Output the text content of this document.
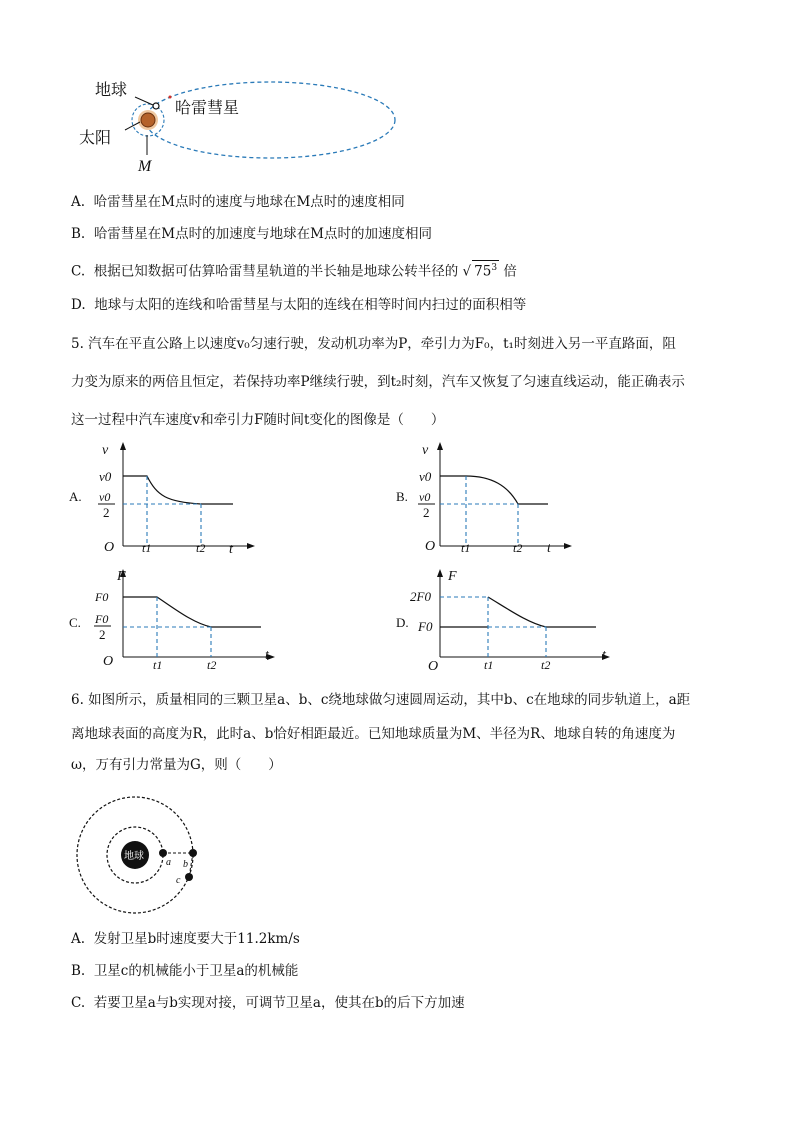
地球
哈雷彗星
太阳
M
A. 哈雷彗星在M点时的速度与地球在M点时的速度相同
B. 哈雷彗星在M点时的加速度与地球在M点时的加速度相同
C. 根据已知数据可估算哈雷彗星轨道的半长轴是地球公转半径的 √ $75^3$ 倍
D. 地球与太阳的连线和哈雷彗星与太阳的连线在相等时间内扫过的面积相等
5. 汽车在平直公路上以速度v₀匀速行驶，发动机功率为P，牵引力为F₀，t₁时刻进入另一平直路面，阻
力变为原来的两倍且恒定，若保持功率P继续行驶，到t₂时刻，汽车又恢复了匀速直线运动，能正确表示
这一过程中汽车速度v和牵引力F随时间t变化的图像是（　　）
A.
v
v0
v0
2
O t1	t2 t
B.
v
v0
v0
2
O t1	t2 t
C.
F
F0
F0
2
O	t1	t2
t
D.
F
2F0
F0
O	t1	t2
t
6. 如图所示，质量相同的三颗卫星a、b、c绕地球做匀速圆周运动，其中b、c在地球的同步轨道上，a距
离地球表面的高度为R，此时a、b恰好相距最近。已知地球质量为M、半径为R、地球自转的角速度为
ω，万有引力常量为G，则（　　）
地球
a b
c
A. 发射卫星b时速度要大于11.2km/s
B. 卫星c的机械能小于卫星a的机械能
C. 若要卫星a与b实现对接，可调节卫星a，使其在b的后下方加速
